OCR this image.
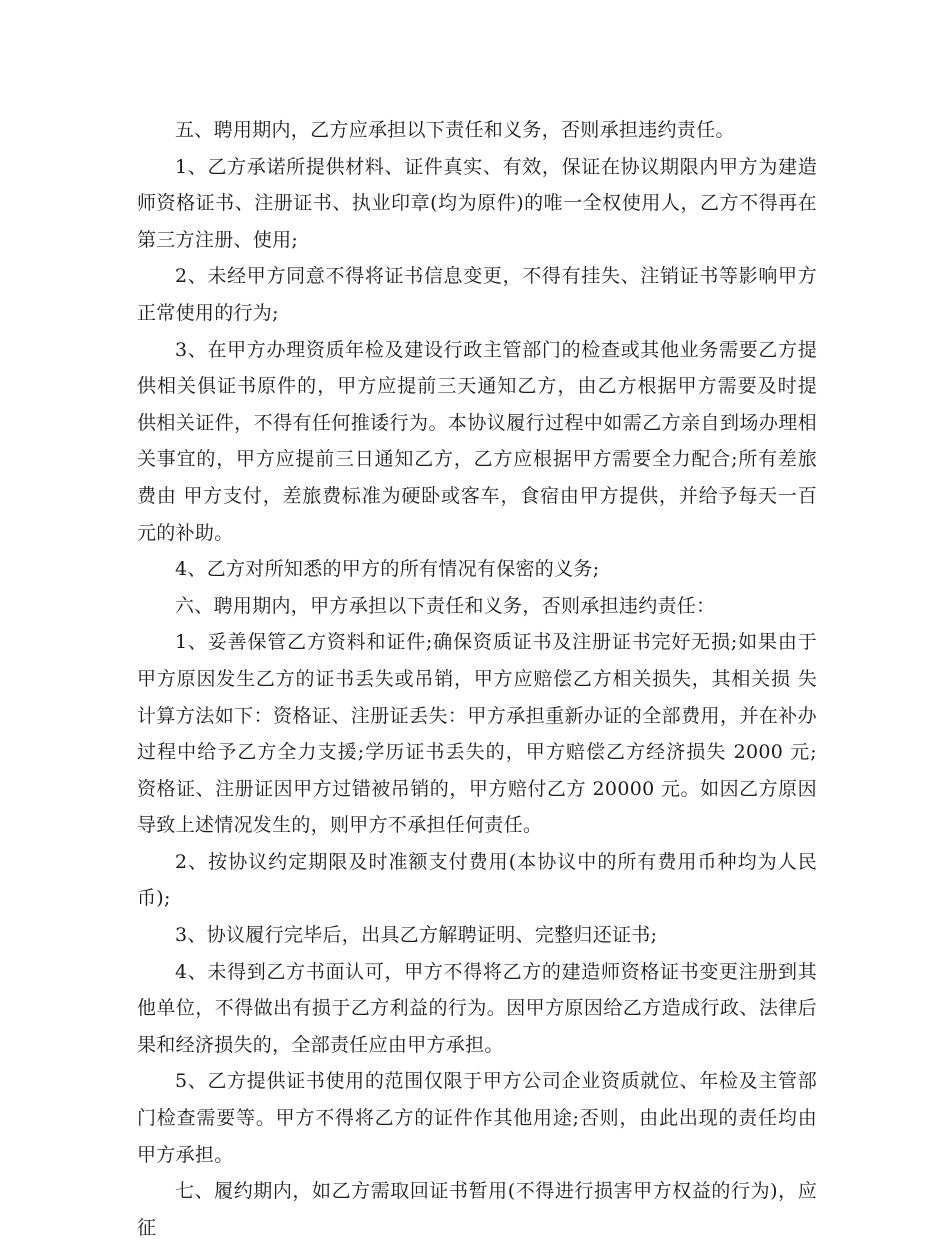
五、聘用期内，乙方应承担以下责任和义务，否则承担违约责任。

1、乙方承诺所提供材料、证件真实、有效，保证在协议期限内甲方为建造师资格证书、注册证书、执业印章(均为原件)的唯一全权使用人，乙方不得再在第三方注册、使用;

2、未经甲方同意不得将证书信息变更，不得有挂失、注销证书等影响甲方正常使用的行为;

3、在甲方办理资质年检及建设行政主管部门的检查或其他业务需要乙方提供相关俱证书原件的，甲方应提前三天通知乙方，由乙方根据甲方需要及时提 供相关证件，不得有任何推诿行为。本协议履行过程中如需乙方亲自到场办理相关事宜的，甲方应提前三日通知乙方，乙方应根据甲方需要全力配合;所有差旅费由 甲方支付，差旅费标准为硬卧或客车，食宿由甲方提供，并给予每天一百元的补助。

4、乙方对所知悉的甲方的所有情况有保密的义务;

六、聘用期内，甲方承担以下责任和义务，否则承担违约责任：

1、妥善保管乙方资料和证件;确保资质证书及注册证书完好无损;如果由于甲方原因发生乙方的证书丢失或吊销，甲方应赔偿乙方相关损失，其相关损 失计算方法如下：资格证、注册证丢失：甲方承担重新办证的全部费用，并在补办过程中给予乙方全力支援;学历证书丢失的，甲方赔偿乙方经济损失 2000 元; 资格证、注册证因甲方过错被吊销的，甲方赔付乙方 20000 元。如因乙方原因导致上述情况发生的，则甲方不承担任何责任。

2、按协议约定期限及时准额支付费用(本协议中的所有费用币种均为人民币);

3、协议履行完毕后，出具乙方解聘证明、完整归还证书;

4、未得到乙方书面认可，甲方不得将乙方的建造师资格证书变更注册到其他单位，不得做出有损于乙方利益的行为。因甲方原因给乙方造成行政、法律后果和经济损失的，全部责任应由甲方承担。

5、乙方提供证书使用的范围仅限于甲方公司企业资质就位、年检及主管部门检查需要等。甲方不得将乙方的证件作其他用途;否则，由此出现的责任均由甲方承担。

七、履约期内，如乙方需取回证书暂用(不得进行损害甲方权益的行为)，应征
